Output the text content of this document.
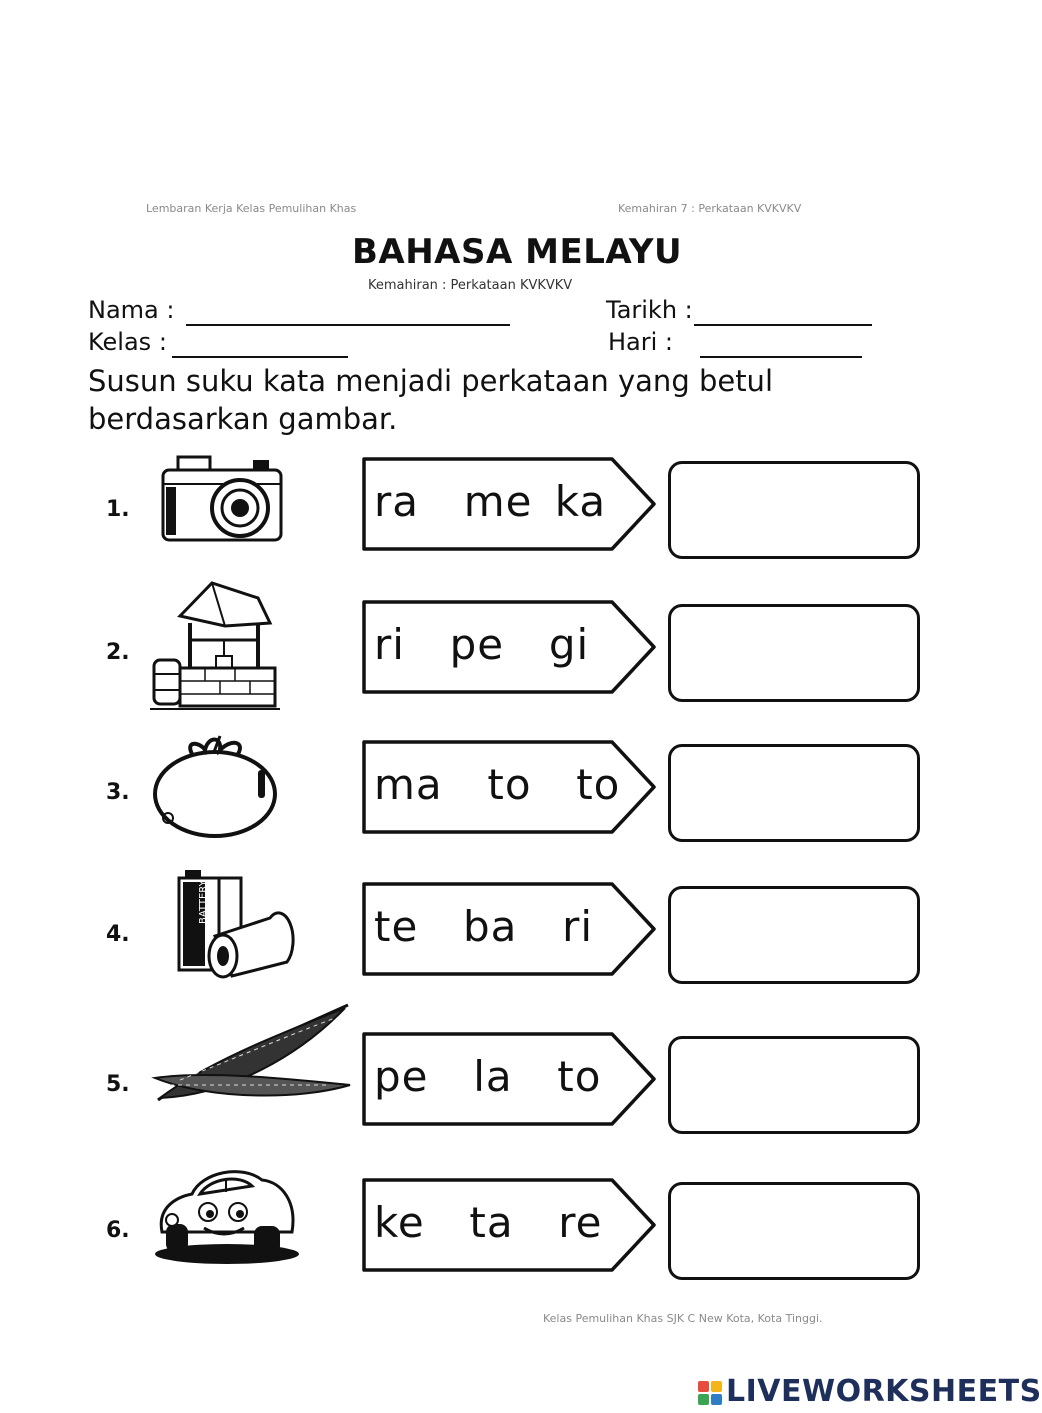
Lembaran Kerja Kelas Pemulihan Khas	Kemahiran 7 : Perkataan KVKVKV
BAHASA MELAYU
Kemahiran : Perkataan KVKVKV
Nama :	Tarikh :
Kelas :	Hari :
Susun suku kata menjadi perkataan yang betul
berdasarkan gambar.
1.	ra  me ka
2.	ri  pe  gi
3.	ma  to  to
4.	te  ba  ri
5.	pe  la  to
6.	ke  ta  re
BATTERY
Kelas Pemulihan Khas SJK C New Kota, Kota Tinggi.
LIVEWORKSHEETS
